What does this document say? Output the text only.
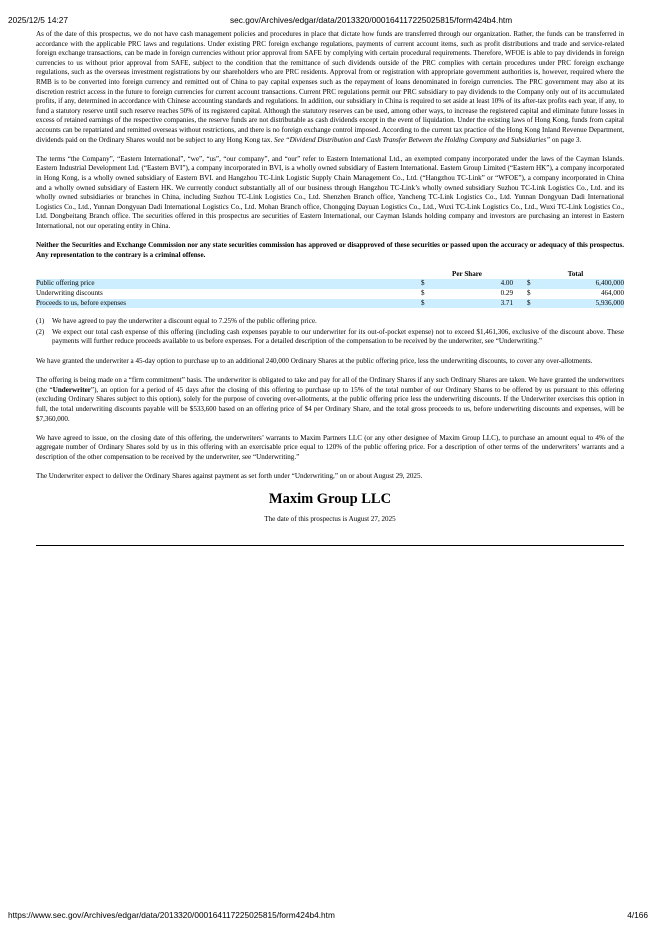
2025/12/5 14:27	sec.gov/Archives/edgar/data/2013320/000164117225025815/form424b4.htm

As of the date of this prospectus, we do not have cash management policies and procedures in place that dictate how funds are transferred through our organization. Rather, the funds can be transferred in accordance with the applicable PRC laws and regulations. Under existing PRC foreign exchange regulations, payments of current account items, such as profit distributions and trade and service-related foreign exchange transactions, can be made in foreign currencies without prior approval from SAFE by complying with certain procedural requirements. Therefore, WFOE is able to pay dividends in foreign currencies to us without prior approval from SAFE, subject to the condition that the remittance of such dividends outside of the PRC complies with certain procedures under PRC foreign exchange regulations, such as the overseas investment registrations by our shareholders who are PRC residents. Approval from or registration with appropriate government authorities is, however, required where the RMB is to be converted into foreign currency and remitted out of China to pay capital expenses such as the repayment of loans denominated in foreign currencies. The PRC government may also at its discretion restrict access in the future to foreign currencies for current account transactions. Current PRC regulations permit our PRC subsidiary to pay dividends to the Company only out of its accumulated profits, if any, determined in accordance with Chinese accounting standards and regulations. In addition, our subsidiary in China is required to set aside at least 10% of its after-tax profits each year, if any, to fund a statutory reserve until such reserve reaches 50% of its registered capital. Although the statutory reserves can be used, among other ways, to increase the registered capital and eliminate future losses in excess of retained earnings of the respective companies, the reserve funds are not distributable as cash dividends except in the event of liquidation. Under the existing laws of Hong Kong, funds from capital accounts can be repatriated and remitted overseas without restrictions, and there is no foreign exchange control imposed. According to the current tax practice of the Hong Kong Inland Revenue Department, dividends paid on the Ordinary Shares would not be subject to any Hong Kong tax. See “Dividend Distribution and Cash Transfer Between the Holding Company and Subsidiaries” on page 3.

The terms “the Company”, “Eastern International”, “we”, “us”, “our company”, and “our” refer to Eastern International Ltd., an exempted company incorporated under the laws of the Cayman Islands. Eastern Industrial Development Ltd. (“Eastern BVI”), a company incorporated in BVI, is a wholly owned subsidiary of Eastern International. Eastern Group Limited (“Eastern HK”), a company incorporated in Hong Kong, is a wholly owned subsidiary of Eastern BVI. and Hangzhou TC-Link Logistic Supply Chain Management Co., Ltd. (“Hangzhou TC-Link” or “WFOE”), a company incorporated in China and a wholly owned subsidiary of Eastern HK. We currently conduct substantially all of our business through Hangzhou TC-Link’s wholly owned subsidiary Suzhou TC-Link Logistics Co., Ltd. and its wholly owned subsidiaries or branches in China, including Suzhou TC-Link Logistics Co., Ltd. Shenzhen Branch office, Yancheng TC-Link Logistics Co., Ltd. Yunnan Dongyuan Dadi International Logistics Co., Ltd., Yunnan Dongyuan Dadi International Logistics Co., Ltd. Mohan Branch office, Chongqing Dayuan Logistics Co., Ltd., Wuxi TC-Link Logistics Co., Ltd., Wuxi TC-Link Logistics Co., Ltd. Dongbeitang Branch office. The securities offered in this prospectus are securities of Eastern International, our Cayman Islands holding company and investors are purchasing an interest in Eastern International, not our operating entity in China.

Neither the Securities and Exchange Commission nor any state securities commission has approved or disapproved of these securities or passed upon the accuracy or adequacy of this prospectus. Any representation to the contrary is a criminal offense.

	Per Share			Total	
Public offering price	$	4.00		$	6,400,000
Underwriting discounts	$	0.29		$	464,000
Proceeds to us, before expenses	$	3.71		$	5,936,000
(1)	We have agreed to pay the underwriter a discount equal to 7.25% of the public offering price.
(2)	We expect our total cash expense of this offering (including cash expenses payable to our underwriter for its out-of-pocket expense) not to exceed $1,461,306, exclusive of the discount above. These payments will further reduce proceeds available to us before expenses. For a detailed description of the compensation to be received by the underwriter, see “Underwriting.”

We have granted the underwriter a 45-day option to purchase up to an additional 240,000 Ordinary Shares at the public offering price, less the underwriting discounts, to cover any over-allotments.

The offering is being made on a “firm commitment” basis. The underwriter is obligated to take and pay for all of the Ordinary Shares if any such Ordinary Shares are taken. We have granted the underwriters (the “Underwriter”), an option for a period of 45 days after the closing of this offering to purchase up to 15% of the total number of our Ordinary Shares to be offered by us pursuant to this offering (excluding Ordinary Shares subject to this option), solely for the purpose of covering over-allotments, at the public offering price less the underwriting discounts. If the Underwriter exercises this option in full, the total underwriting discounts payable will be $533,600 based on an offering price of $4 per Ordinary Share, and the total gross proceeds to us, before underwriting discounts and expenses, will be $7,360,000.

We have agreed to issue, on the closing date of this offering, the underwriters’ warrants to Maxim Partners LLC (or any other designee of Maxim Group LLC), to purchase an amount equal to 4% of the aggregate number of Ordinary Shares sold by us in this offering with an exercisable price equal to 120% of the public offering price. For a description of other terms of the underwriters’ warrants and a description of the other compensation to be received by the underwriter, see “Underwriting.”

The Underwriter expect to deliver the Ordinary Shares against payment as set forth under “Underwriting,” on or about August 29, 2025.

Maxim Group LLC
The date of this prospectus is August 27, 2025
https://www.sec.gov/Archives/edgar/data/2013320/000164117225025815/form424b4.htm	4/166
